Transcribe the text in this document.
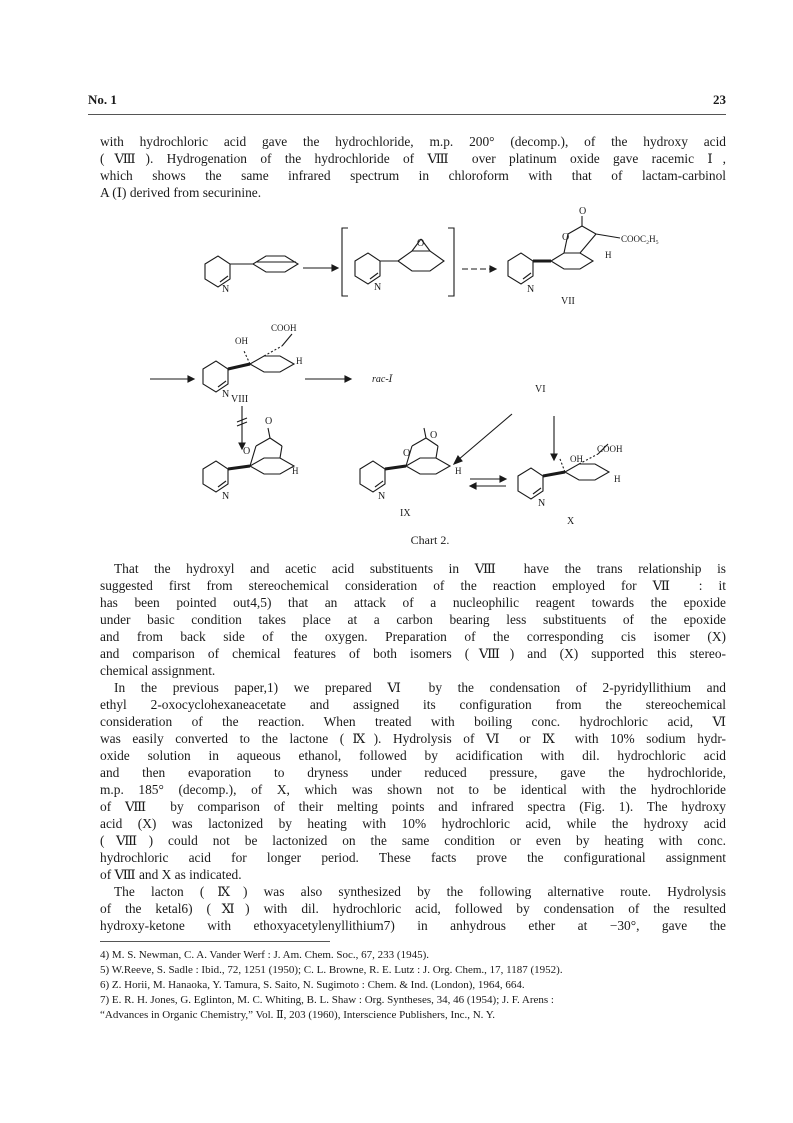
No. 1	23

with hydrochloric acid gave the hydrochloride, m.p. 200° (decomp.), of the hydroxy acid
(Ⅷ). Hydrogenation of the hydrochloride of Ⅷ over platinum oxide gave racemic Ⅰ,
which shows the same infrared spectrum in chloroform with that of lactam-carbinol
A (Ⅰ) derived from securinine.

N
O
N
O
O	COOC₂H₅
H
N
VII
COOH
OH
H
N VIII
rac-Ⅰ
VI
O
O
H
N
O
O
H
N
IX
COOH
OH
H
N
X
Chart 2.

That the hydroxyl and acetic acid substituents in Ⅷ have the trans relationship is
suggested first from stereochemical consideration of the reaction employed for Ⅶ : it
has been pointed out4,5) that an attack of a nucleophilic reagent towards the epoxide
under basic condition takes place at a carbon bearing less substituents of the epoxide
and from back side of the oxygen. Preparation of the corresponding cis isomer (X)
and comparison of chemical features of both isomers (Ⅷ) and (X) supported this stereo-
chemical assignment.

In the previous paper,1) we prepared Ⅵ by the condensation of 2-pyridyllithium and
ethyl 2-oxocyclohexaneacetate and assigned its configuration from the stereochemical
consideration of the reaction. When treated with boiling conc. hydrochloric acid, Ⅵ
was easily converted to the lactone (Ⅸ). Hydrolysis of Ⅵ or Ⅸ with 10% sodium hydr-
oxide solution in aqueous ethanol, followed by acidification with dil. hydrochloric acid
and then evaporation to dryness under reduced pressure, gave the hydrochloride,
m.p. 185° (decomp.), of X, which was shown not to be identical with the hydrochloride
of Ⅷ by comparison of their melting points and infrared spectra (Fig. 1). The hydroxy
acid (X) was lactonized by heating with 10% hydrochloric acid, while the hydroxy acid
(Ⅷ) could not be lactonized on the same condition or even by heating with conc.
hydrochloric acid for longer period. These facts prove the configurational assignment
of Ⅷ and X as indicated.

The lacton (Ⅸ) was also synthesized by the following alternative route. Hydrolysis
of the ketal6) (Ⅺ) with dil. hydrochloric acid, followed by condensation of the resulted
hydroxy-ketone with ethoxyacetylenyllithium7) in anhydrous ether at −30°, gave the

4) M. S. Newman, C. A. Vander Werf : J. Am. Chem. Soc., 67, 233 (1945).
5) W.Reeve, S. Sadle : Ibid., 72, 1251 (1950); C. L. Browne, R. E. Lutz : J. Org. Chem., 17, 1187 (1952).
6) Z. Horii, M. Hanaoka, Y. Tamura, S. Saito, N. Sugimoto : Chem. & Ind. (London), 1964, 664.
7) E. R. H. Jones, G. Eglinton, M. C. Whiting, B. L. Shaw : Org. Syntheses, 34, 46 (1954); J. F. Arens :
“Advances in Organic Chemistry,” Vol. Ⅱ, 203 (1960), Interscience Publishers, Inc., N. Y.
